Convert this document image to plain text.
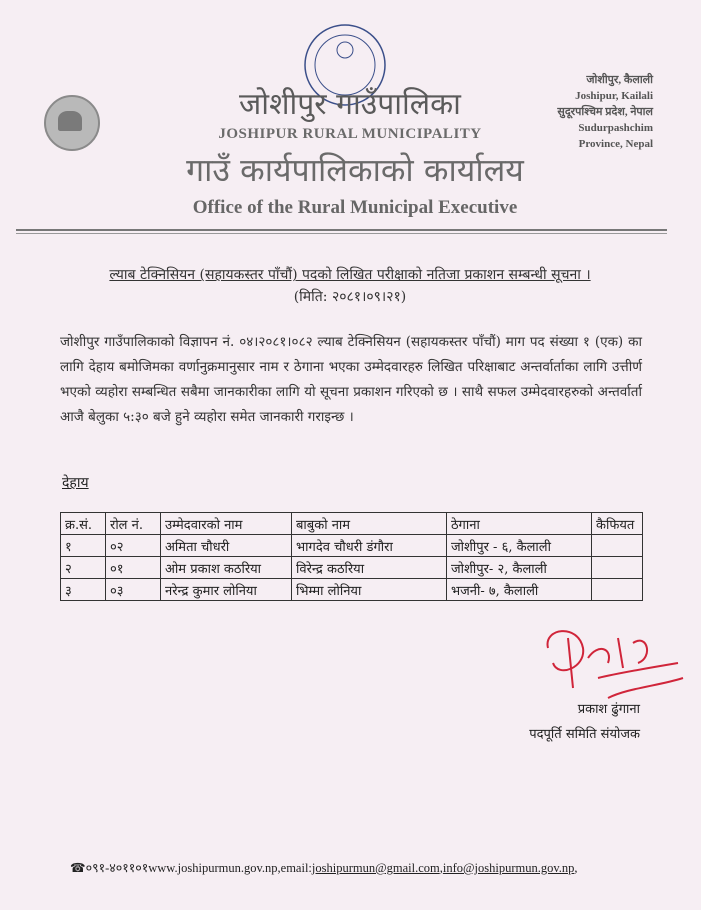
जोशीपुर गाउँपालिका
JOSHIPUR RURAL MUNICIPALITY
गाउँ कार्यपालिकाको कार्यालय
Office of the Rural Municipal Executive
जोशीपुर, कैलाली
Joshipur, Kailali
सुदूरपश्चिम प्रदेश, नेपाल
Sudurpashchim
Province, Nepal
ल्याब टेक्निसियन (सहायकस्तर पाँचौं) पदको लिखित परीक्षाको नतिजा प्रकाशन सम्बन्धी सूचना ।
(मिति: २०८१।०९।२१)
जोशीपुर गाउँपालिकाको विज्ञापन नं. ०४।२०८१।०८२ ल्याब टेक्निसियन (सहायकस्तर पाँचौं) माग पद संख्या १ (एक) का लागि देहाय बमोजिमका वर्णानुक्रमानुसार नाम र ठेगाना भएका उम्मेदवारहरु लिखित परिक्षाबाट अन्तर्वार्ताका लागि उत्तीर्ण भएको व्यहोरा सम्बन्धित सबैमा जानकारीका लागि यो सूचना प्रकाशन गरिएको छ । साथै सफल उम्मेदवारहरुको अन्तर्वार्ता आजै बेलुका ५:३० बजे हुने व्यहोरा समेत जानकारी गराइन्छ ।
देहाय
क्र.सं.	रोल नं.	उम्मेदवारको नाम	बाबुको नाम	ठेगाना	कैफियत
१	०२	अमिता चौधरी	भागदेव चौधरी डंगौरा	जोशीपुर - ६, कैलाली	
२	०१	ओम प्रकाश कठरिया	विरेन्द्र कठरिया	जोशीपुर- २, कैलाली	
३	०३	नरेन्द्र कुमार लोनिया	भिम्मा लोनिया	भजनी- ७, कैलाली	
प्रकाश ढुंगाना
पदपूर्ति समिति संयोजक
☎०९१-४०११०१www.joshipurmun.gov.np,email:joshipurmun@gmail.com,info@joshipurmun.gov.np,
